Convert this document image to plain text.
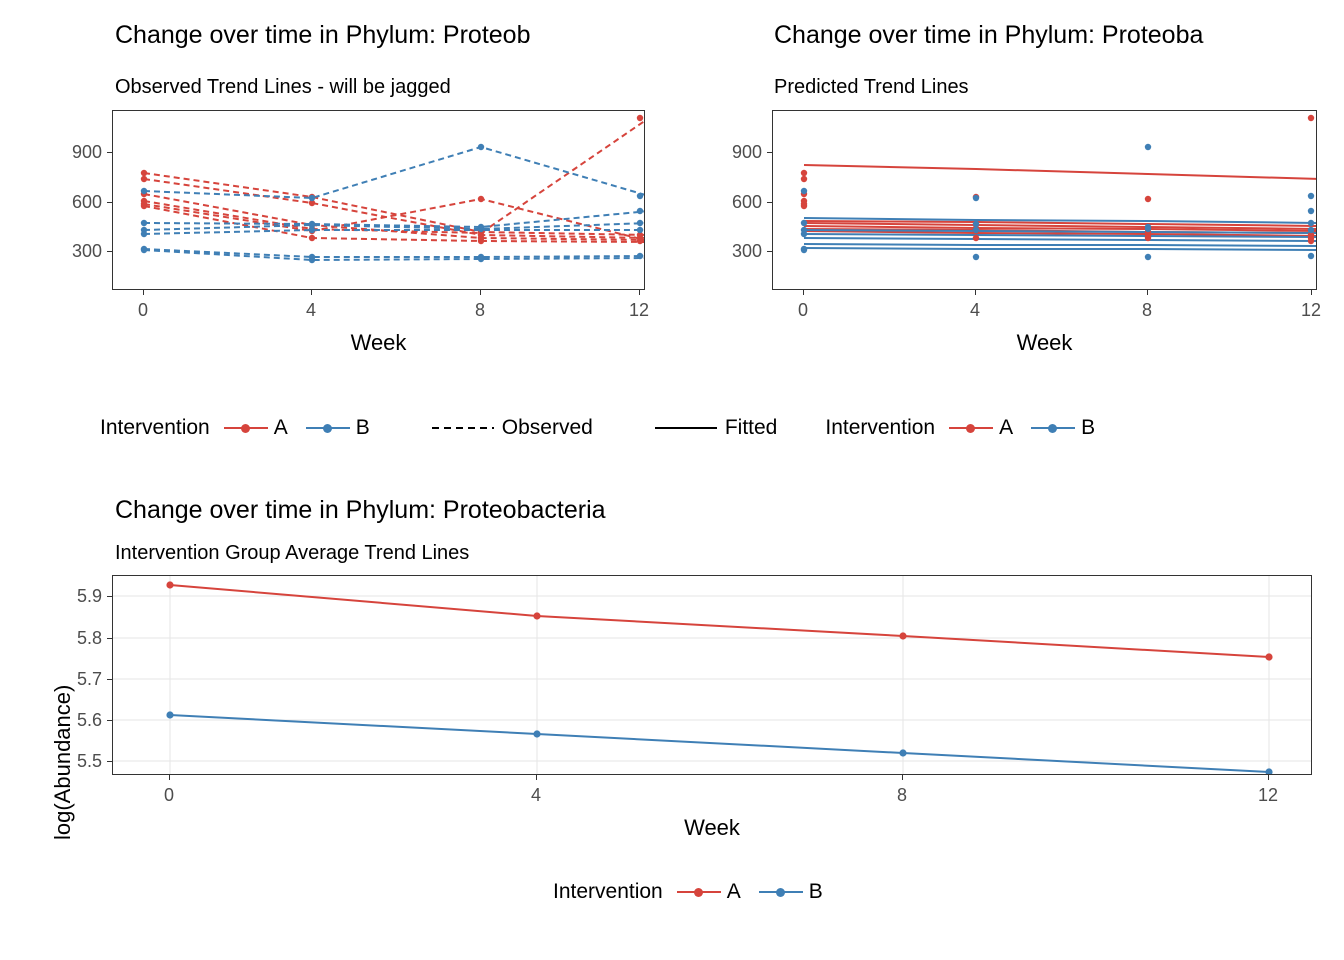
Change over time in Phylum: Proteob
Observed Trend Lines - will be jagged
900
600
300
0	4	8	12
Week
Change over time in Phylum: Proteoba
Predicted Trend Lines
900
600
300
0	4	8	12
Week
Intervention	A	B	Observed	Fitted Intervention	A	B
Change over time in Phylum: Proteobacteria
Intervention Group Average Trend Lines
log(Abundance)
5.9
5.8
5.7
5.6
5.5
0	4	8	12
Week
Intervention	A	B
